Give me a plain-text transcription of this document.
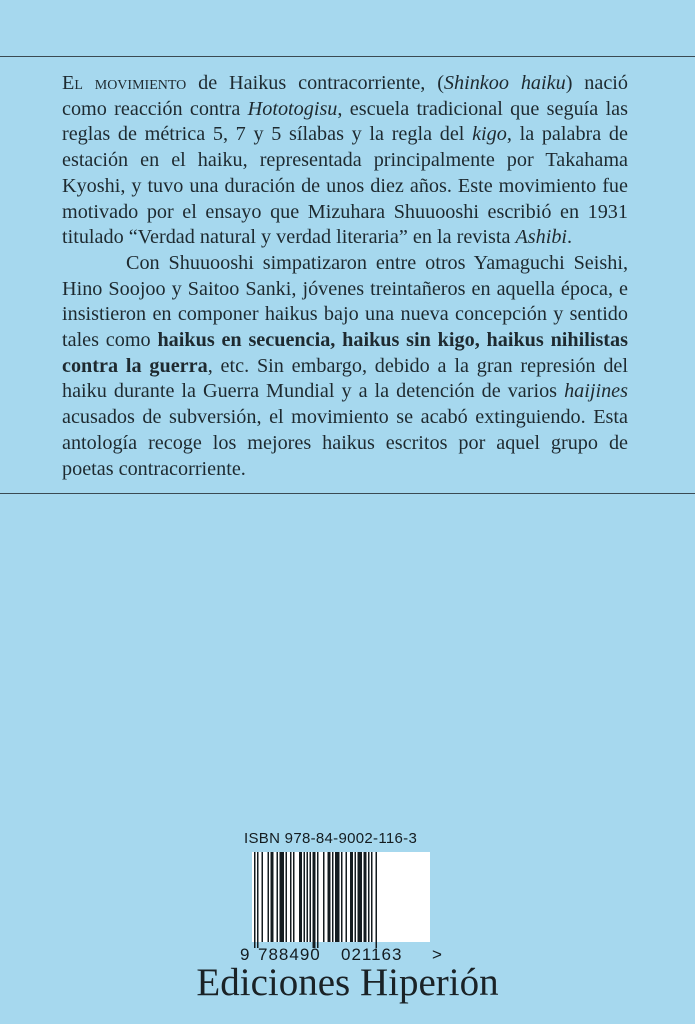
El movimiento de Haikus contracorriente, (Shinkoo haiku) nació como reacción contra Hototogisu, escuela tradicional que seguía las reglas de métrica 5, 7 y 5 sílabas y la regla del kigo, la palabra de estación en el haiku, representada principalmente por Takahama Kyoshi, y tuvo una duración de unos diez años. Este movimiento fue motivado por el ensayo que Mizuhara Shuuooshi escribió en 1931 titulado “Verdad natural y verdad literaria” en la revista Ashibi.

Con Shuuooshi simpatizaron entre otros Yamaguchi Seishi, Hino Soojoo y Saitoo Sanki, jóvenes treintañeros en aquella época, e insistieron en componer haikus bajo una nueva concepción y sentido tales como haikus en secuencia, haikus sin kigo, haikus nihilistas contra la guerra, etc. Sin embargo, debido a la gran represión del haiku durante la Guerra Mundial y a la detención de varios haijines acusados de subversión, el movimiento se acabó extinguiendo. Esta antología recoge los mejores haikus escritos por aquel grupo de poetas contracorriente.

ISBN 978-84-9002-116-3
9 788490 021163 >
Ediciones Hiperión
